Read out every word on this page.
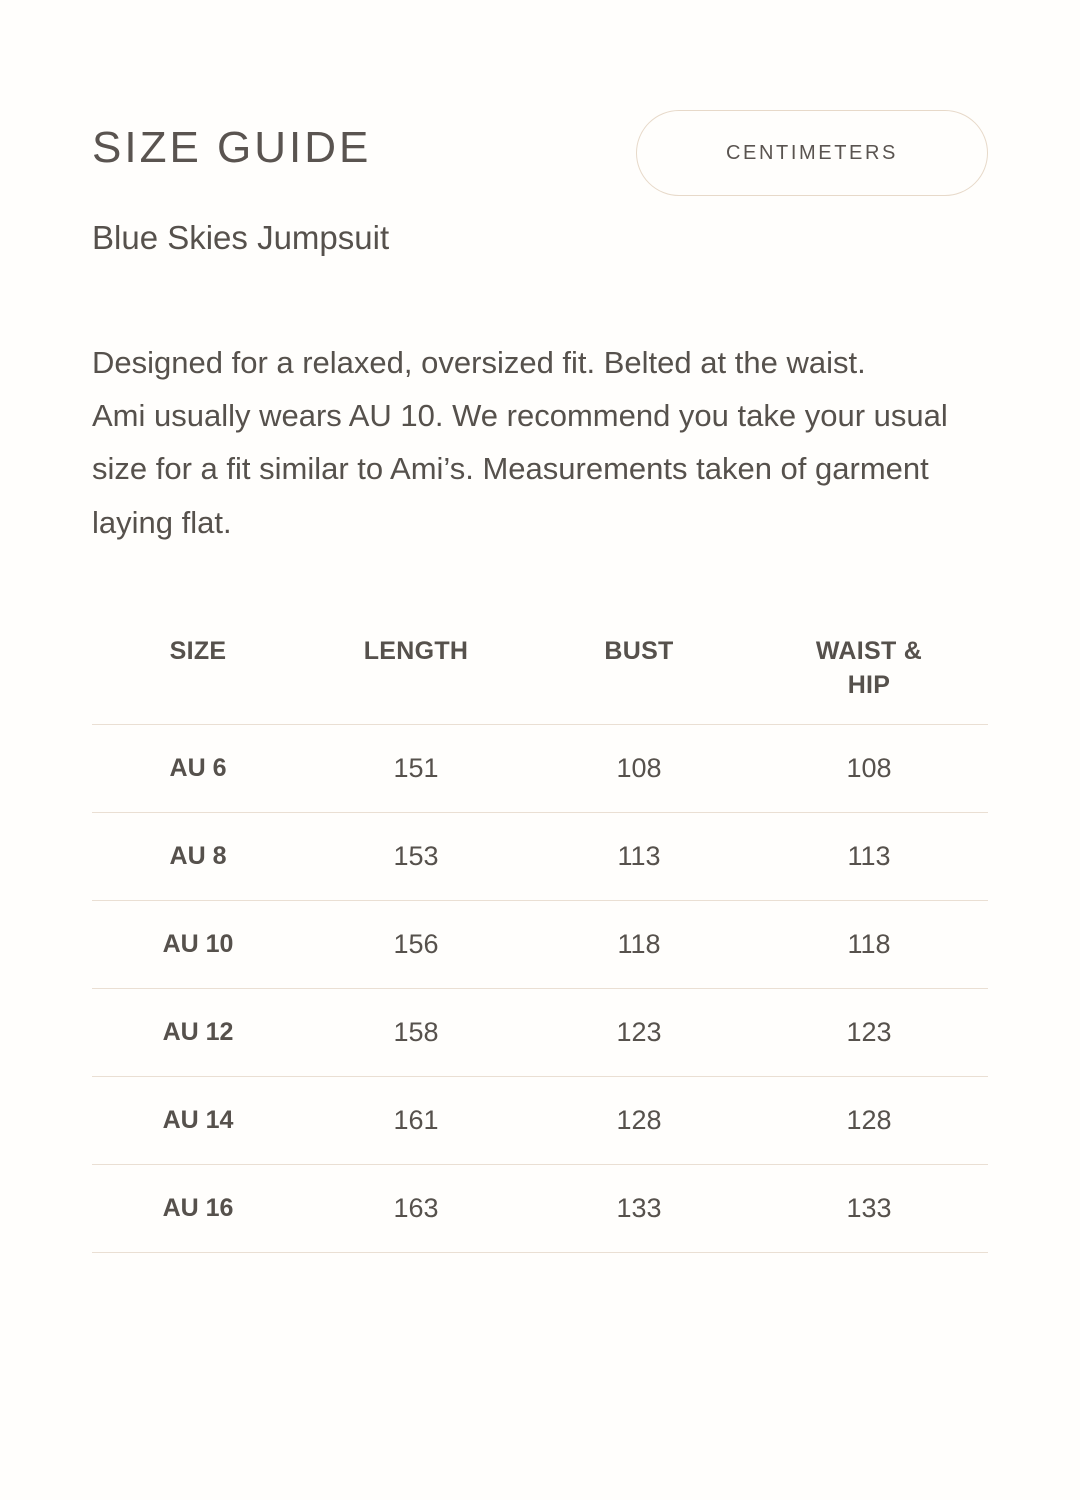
SIZE GUIDE	CENTIMETERS
Blue Skies Jumpsuit

Designed for a relaxed, oversized fit. Belted at the waist.

Ami usually wears AU 10. We recommend you take your usual size for a fit similar to Ami’s. Measurements taken of garment laying flat.

SIZE	LENGTH	BUST	WAIST & HIP
AU 6	151	108	108
AU 8	153	113	113
AU 10	156	118	118
AU 12	158	123	123
AU 14	161	128	128
AU 16	163	133	133
